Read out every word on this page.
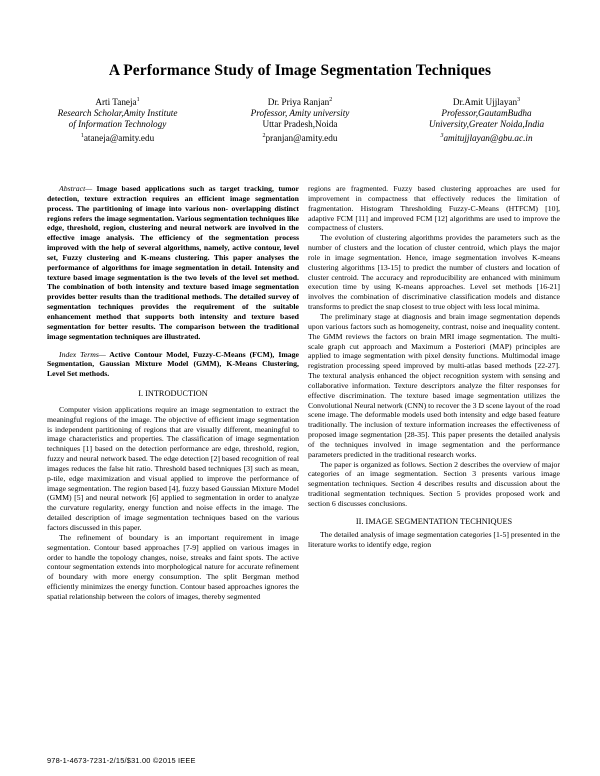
A Performance Study of Image Segmentation Techniques
Arti Taneja$^1$
Research Scholar,Amity Institute
of Information Technology
$^1$ataneja@amity.edu
Dr. Priya Ranjan$^2$
Professor, Amity university
Uttar Pradesh,Noida
$^2$pranjan@amity.edu
Dr.Amit Ujjlayan$^3$
Professor,GautamBudha
University,Greater Noida,India
$^3$amitujjlayan@gbu.ac.in

Abstract— Image based applications such as target tracking, tumor detection, texture extraction requires an efficient image segmentation process. The partitioning of image into various non- overlapping distinct regions refers the image segmentation. Various segmentation techniques like edge, threshold, region, clustering and neural network are involved in the effective image analysis. The efficiency of the segmentation process improved with the help of several algorithms, namely, active contour, level set, Fuzzy clustering and K-means clustering. This paper analyses the performance of algorithms for image segmentation in detail. Intensity and texture based image segmentation is the two levels of the level set method. The combination of both intensity and texture based image segmentation provides better results than the traditional methods. The detailed survey of segmentation techniques provides the requirement of the suitable enhancement method that supports both intensity and texture based segmentation for better results. The comparison between the traditional image segmentation techniques are illustrated.

Index Terms— Active Contour Model, Fuzzy-C-Means (FCM), Image Segmentation, Gaussian Mixture Model (GMM), K-Means Clustering, Level Set methods.

I. INTRODUCTION

Computer vision applications require an image segmentation to extract the meaningful regions of the image. The objective of efficient image segmentation is independent partitioning of regions that are visually different, meaningful to image characteristics and properties. The classification of image segmentation techniques [1] based on the detection performance are edge, threshold, region, fuzzy and neural network based. The edge detection [2] based recognition of real images reduces the false hit ratio. Threshold based techniques [3] such as mean, p-tile, edge maximization and visual applied to improve the performance of image segmentation. The region based [4], fuzzy based Gaussian Mixture Model (GMM) [5] and neural network [6] applied to segmentation in order to analyze the curvature regularity, energy function and noise effects in the image. The detailed description of image segmentation techniques based on the various factors discussed in this paper.

The refinement of boundary is an important requirement in image segmentation. Contour based approaches [7-9] applied on various images in order to handle the topology changes, noise, streaks and faint spots. The active contour segmentation extends into morphological nature for accurate refinement of boundary with more energy consumption. The split Bergman method efficiently minimizes the energy function. Contour based approaches ignores the spatial relationship between the colors of images, thereby segmented

regions are fragmented. Fuzzy based clustering approaches are used for improvement in compactness that effectively reduces the limitation of fragmentation. Histogram Thresholding Fuzzy-C-Means (HTFCM) [10], adaptive FCM [11] and improved FCM [12] algorithms are used to improve the compactness of clusters.

The evolution of clustering algorithms provides the parameters such as the number of clusters and the location of cluster centroid, which plays the major role in image segmentation. Hence, image segmentation involves K-means clustering algorithms [13-15] to predict the number of clusters and location of cluster centroid. The accuracy and reproducibility are enhanced with minimum execution time by using K-means approaches. Level set methods [16-21] involves the combination of discriminative classification models and distance transforms to predict the snap closest to true object with less local minima.

The preliminary stage at diagnosis and brain image segmentation depends upon various factors such as homogeneity, contrast, noise and inequality content. The GMM reviews the factors on brain MRI image segmentation. The multi-scale graph cut approach and Maximum a Posteriori (MAP) principles are applied to image segmentation with pixel density functions. Multimodal image registration processing speed improved by multi-atlas based methods [22-27]. The textural analysis enhanced the object recognition system with sensing and collaborative information. Texture descriptors analyze the filter responses for effective discrimination. The texture based image segmentation utilizes the Convolutional Neural network (CNN) to recover the 3 D scene layout of the road scene image. The deformable models used both intensity and edge based feature traditionally. The inclusion of texture information increases the effectiveness of proposed image segmentation [28-35]. This paper presents the detailed analysis of the techniques involved in image segmentation and the performance parameters predicted in the traditional research works.

The paper is organized as follows. Section 2 describes the overview of major categories of an image segmentation. Section 3 presents various image segmentation techniques. Section 4 describes results and discussion about the traditional segmentation techniques. Section 5 provides proposed work and section 6 discusses conclusions.

II. IMAGE SEGMENTATION TECHNIQUES

The detailed analysis of image segmentation categories [1-5] presented in the literature works to identify edge, region

978-1-4673-7231-2/15/$31.00 ©2015 IEEE
